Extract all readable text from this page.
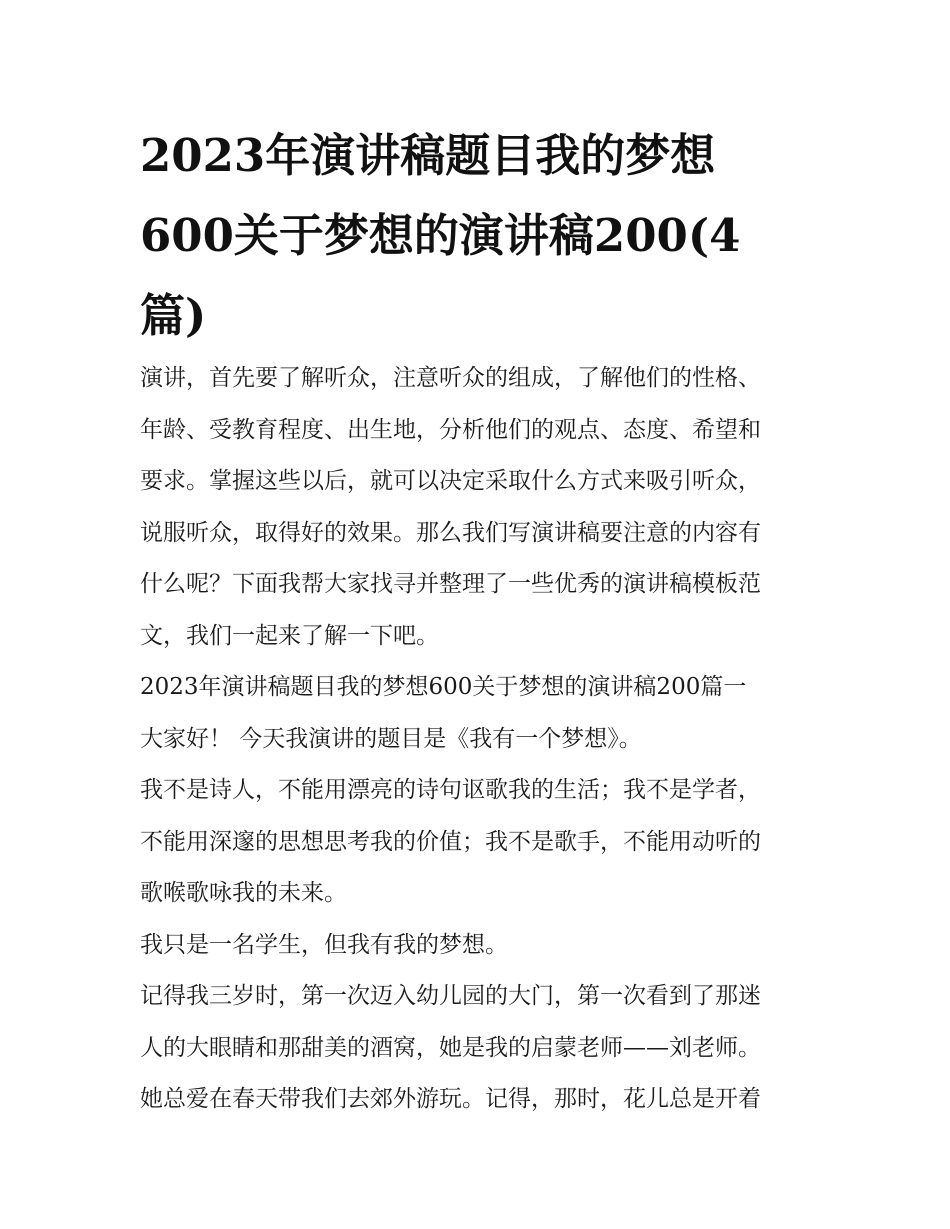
2023年演讲稿题目我的梦想
600关于梦想的演讲稿200(4
篇)
演讲，首先要了解听众，注意听众的组成，了解他们的性格、
年龄、受教育程度、出生地，分析他们的观点、态度、希望和
要求。掌握这些以后，就可以决定采取什么方式来吸引听众，
说服听众，取得好的效果。那么我们写演讲稿要注意的内容有
什么呢？下面我帮大家找寻并整理了一些优秀的演讲稿模板范
文，我们一起来了解一下吧。
2023年演讲稿题目我的梦想600关于梦想的演讲稿200篇一
大家好！ 今天我演讲的题目是《我有一个梦想》。
我不是诗人，不能用漂亮的诗句讴歌我的生活；我不是学者，
不能用深邃的思想思考我的价值；我不是歌手，不能用动听的
歌喉歌咏我的未来。
我只是一名学生，但我有我的梦想。
记得我三岁时，第一次迈入幼儿园的大门，第一次看到了那迷
人的大眼睛和那甜美的酒窝，她是我的启蒙老师——刘老师。
她总爱在春天带我们去郊外游玩。记得，那时，花儿总是开着
